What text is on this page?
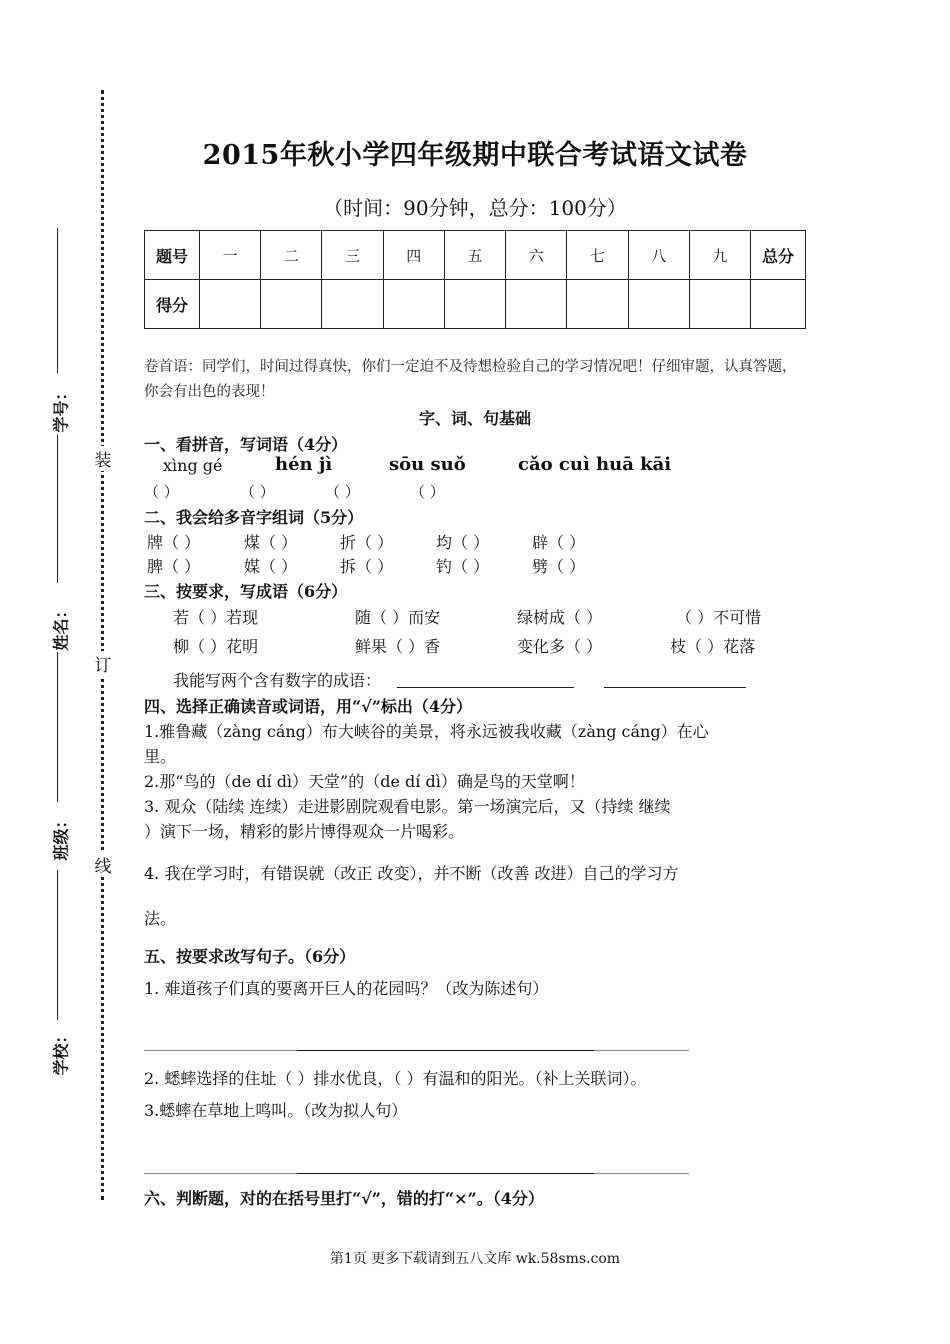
装
订
线
学号：
姓名：
班级：
学校：
2015年秋小学四年级期中联合考试语文试卷
（时间：90分钟，总分：100分）
题号	一	二	三	四	五	六	七	八	九	总分
得分										
卷首语：同学们，时间过得真快，你们一定迫不及待想检验自己的学习情况吧！仔细审题，认真答题，你会有出色的表现！
字、词、句基础
一、看拼音，写词语（4分）
xìng gé	hén jì	sōu suǒ	cǎo cuì huā kāi
（ ）	（ ）	（ ）	（ ）
二、我会给多音字组词（5分）
牌（ ）	煤（ ）	折（ ）	均（ ）	辟（ ）
脾（ ）	媒（ ）	拆（ ）	钓（ ）	劈（ ）
三、按要求，写成语（6分）
若（ ）若现	随（ ）而安	绿树成（ ）	（ ）不可惜
柳（ ）花明	鲜果（ ）香	变化多（ ）	枝（ ）花落
我能写两个含有数字的成语：
四、选择正确读音或词语，用“√”标出（4分）
1.雅鲁藏（zàng cáng）布大峡谷的美景，将永远被我收藏（zàng cáng）在心
里。
2.那“鸟的（de dí dì）天堂”的（de dí dì）确是鸟的天堂啊！
3. 观众（陆续 连续）走进影剧院观看电影。第一场演完后，又（持续 继续
）演下一场，精彩的影片博得观众一片喝彩。
4. 我在学习时，有错误就（改正 改变），并不断（改善 改进）自己的学习方
法。
五、按要求改写句子。（6分）
1. 难道孩子们真的要离开巨人的花园吗？（改为陈述句）
2. 蟋蟀选择的住址（ ）排水优良，（ ）有温和的阳光。（补上关联词）。
3.蟋蟀在草地上鸣叫。（改为拟人句）
六、判断题，对的在括号里打“√”，错的打“×”。（4分）
第1页 更多下载请到五八文库 wk.58sms.com
